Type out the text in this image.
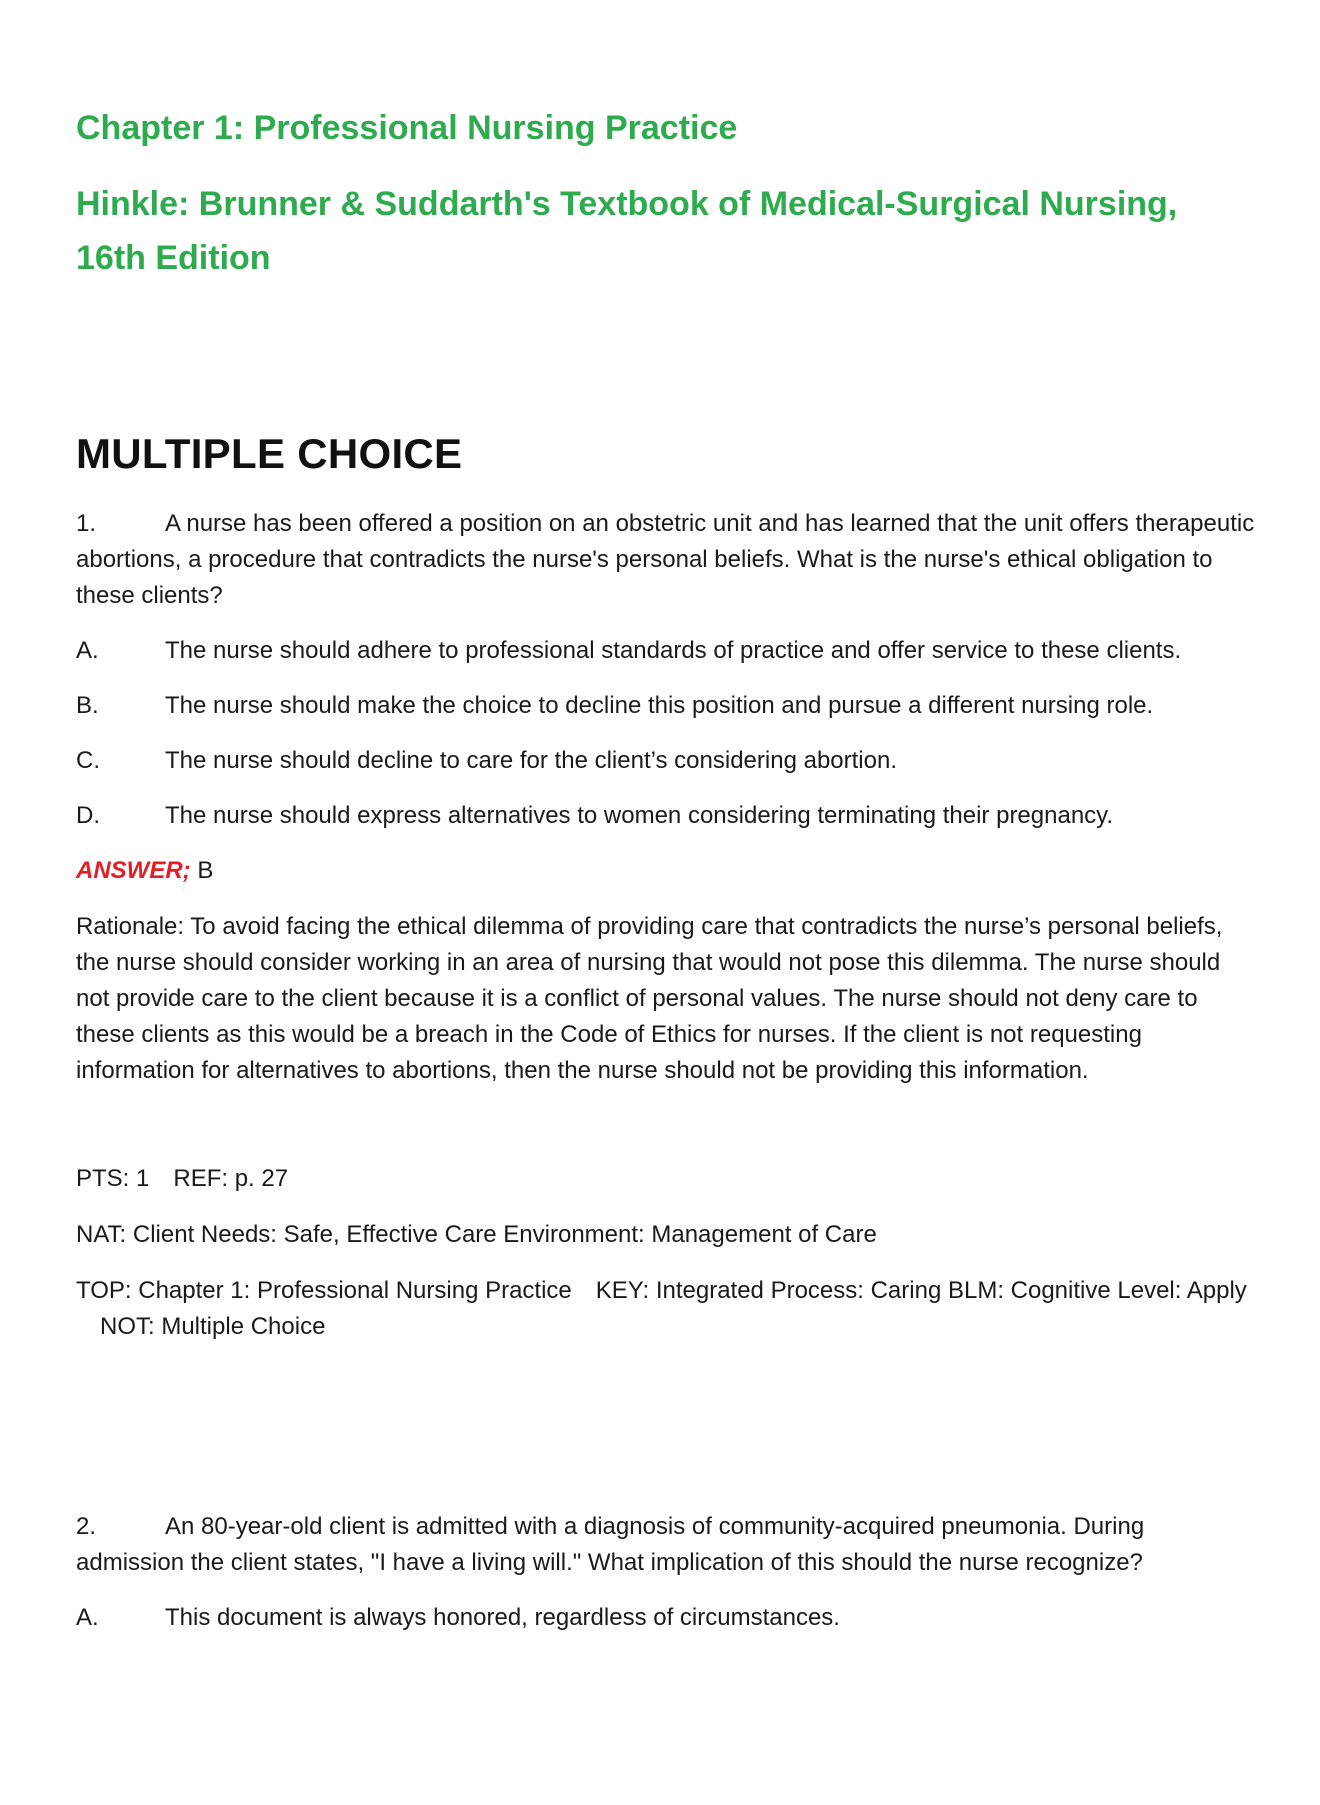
Chapter 1: Professional Nursing Practice
Hinkle: Brunner & Suddarth's Textbook of Medical-Surgical Nursing, 16th Edition
MULTIPLE CHOICE

1.	A nurse has been offered a position on an obstetric unit and has learned that the unit offers therapeutic abortions, a procedure that contradicts the nurse's personal beliefs. What is the nurse's ethical obligation to these clients?

A.	The nurse should adhere to professional standards of practice and offer service to these clients.
B.	The nurse should make the choice to decline this position and pursue a different nursing role.
C.	The nurse should decline to care for the client’s considering abortion.
D.	The nurse should express alternatives to women considering terminating their pregnancy.
ANSWER; B

Rationale: To avoid facing the ethical dilemma of providing care that contradicts the nurse’s personal beliefs, the nurse should consider working in an area of nursing that would not pose this dilemma. The nurse should not provide care to the client because it is a conflict of personal values. The nurse should not deny care to these clients as this would be a breach in the Code of Ethics for nurses. If the client is not requesting information for alternatives to abortions, then the nurse should not be providing this information.

PTS: 1 REF: p. 27

NAT: Client Needs: Safe, Effective Care Environment: Management of Care

TOP: Chapter 1: Professional Nursing Practice KEY: Integrated Process: Caring BLM: Cognitive Level: ApplyNOT: Multiple Choice

2.	An 80-year-old client is admitted with a diagnosis of community-acquired pneumonia. During admission the client states, "I have a living will." What implication of this should the nurse recognize?

A.	This document is always honored, regardless of circumstances.
